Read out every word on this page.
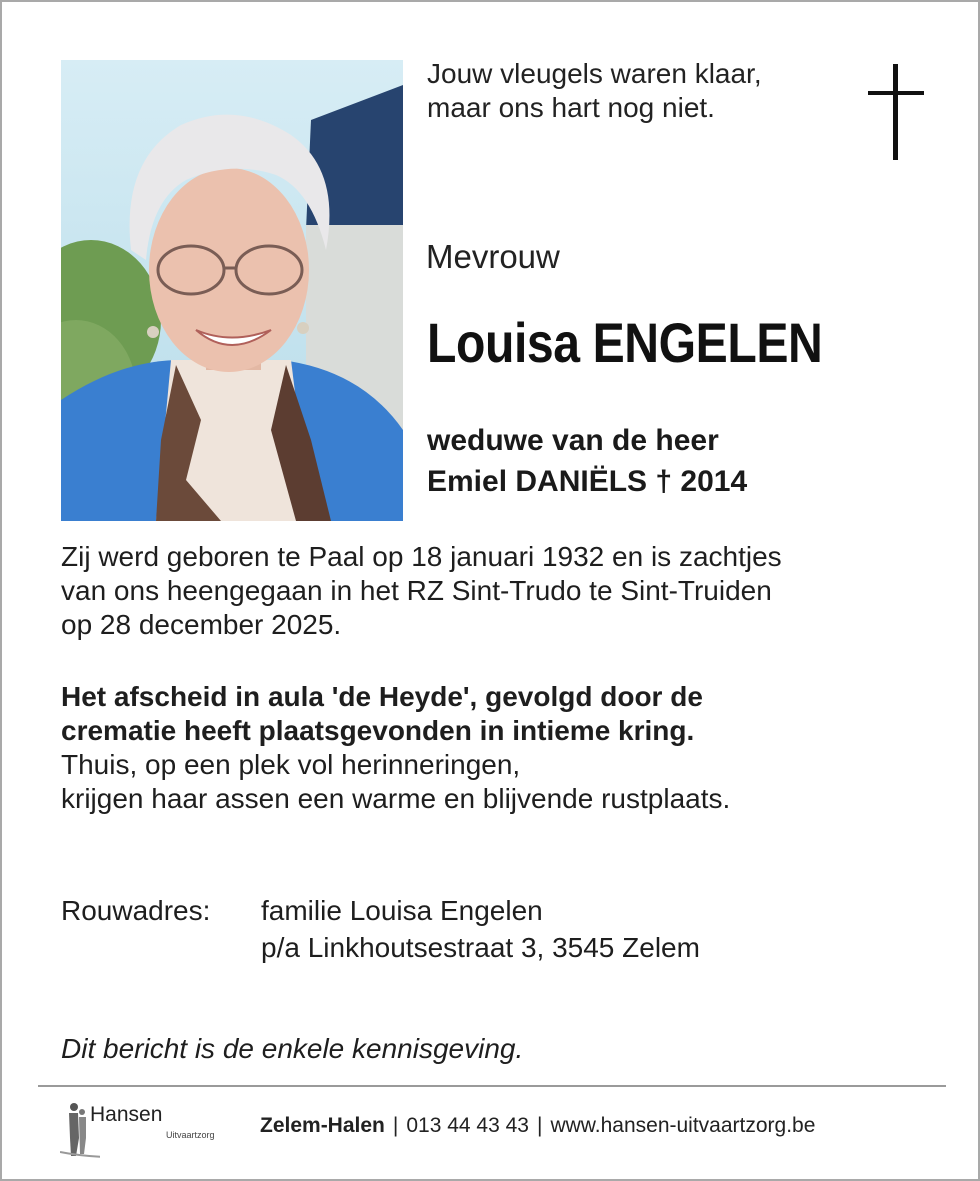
Jouw vleugels waren klaar,
maar ons hart nog niet.
Mevrouw
Louisa ENGELEN
weduwe van de heer
Emiel DANIËLS † 2014
Zij werd geboren te Paal op 18 januari 1932 en is zachtjes
van ons heengegaan in het RZ Sint-Trudo te Sint-Truiden
op 28 december 2025.
Het afscheid in aula 'de Heyde', gevolgd door de
crematie heeft plaatsgevonden in intieme kring.
Thuis, op een plek vol herinneringen,
krijgen haar assen een warme en blijvende rustplaats.
Rouwadres: familie Louisa Engelen
p/a Linkhoutsestraat 3, 3545 Zelem
Dit bericht is de enkele kennisgeving.
Hansen
Uitvaartzorg Zelem-Halen | 013 44 43 43 | www.hansen-uitvaartzorg.be
